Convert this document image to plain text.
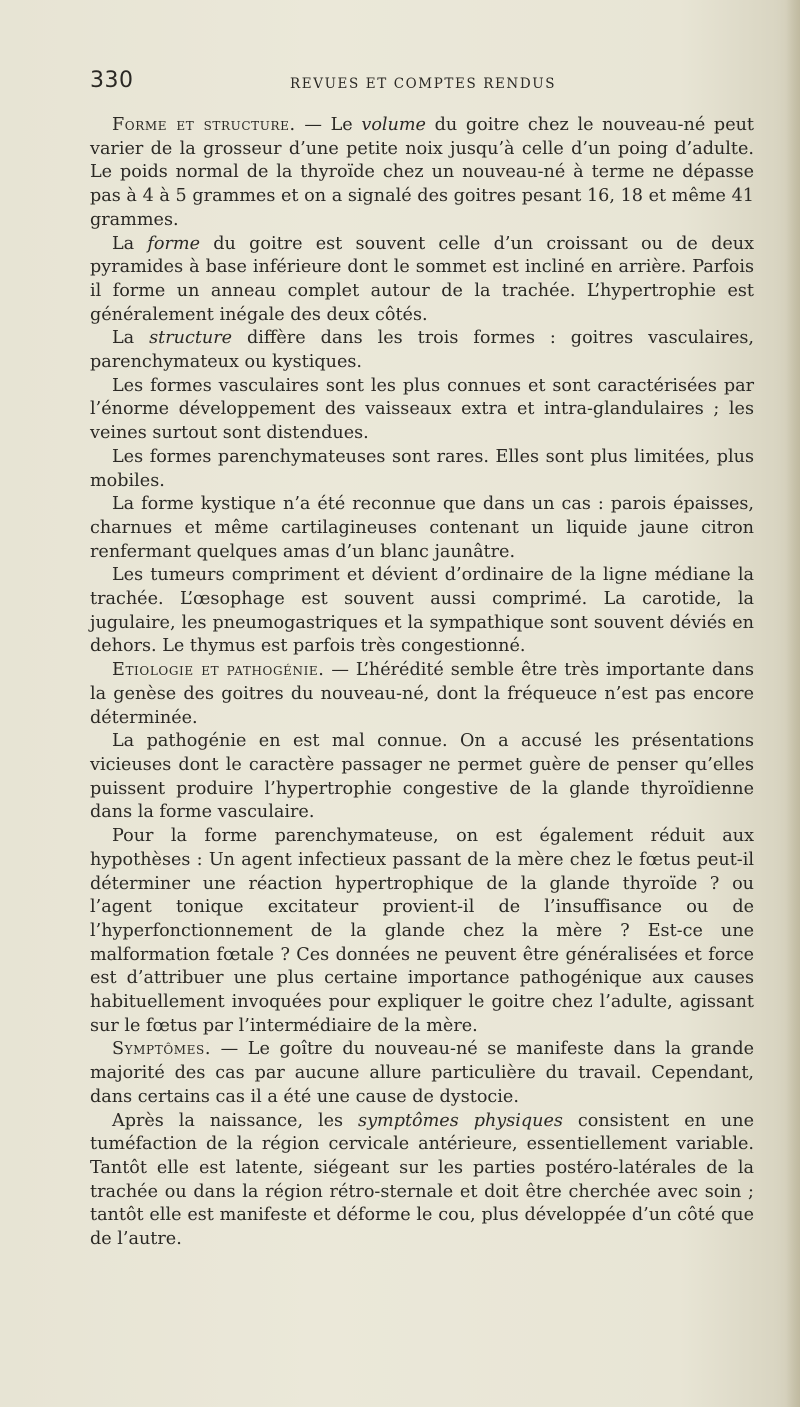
330	REVUES ET COMPTES RENDUS

Forme et structure. — Le volume du goitre chez le nouveau-né peut varier de la grosseur d’une petite noix jusqu’à celle d’un poing d’adulte. Le poids normal de la thyroïde chez un nouveau-né à terme ne dépasse pas à 4 à 5 grammes et on a signalé des goitres pesant 16, 18 et même 41 grammes.

La forme du goitre est souvent celle d’un croissant ou de deux pyramides à base inférieure dont le sommet est incliné en arrière. Parfois il forme un anneau complet autour de la trachée. L’hypertrophie est généralement inégale des deux côtés.

La structure diffère dans les trois formes : goitres vasculaires, parenchymateux ou kystiques.

Les formes vasculaires sont les plus connues et sont caractérisées par l’énorme développement des vaisseaux extra et intra-glandulaires ; les veines surtout sont distendues.

Les formes parenchymateuses sont rares. Elles sont plus limitées, plus mobiles.

La forme kystique n’a été reconnue que dans un cas : parois épaisses, charnues et même cartilagineuses contenant un liquide jaune citron renfermant quelques amas d’un blanc jaunâtre.

Les tumeurs compriment et dévient d’ordinaire de la ligne médiane la trachée. L’œsophage est souvent aussi comprimé. La carotide, la jugulaire, les pneumogastriques et la sympathique sont souvent déviés en dehors. Le thymus est parfois très congestionné.

Etiologie et pathogénie. — L’hérédité semble être très importante dans la genèse des goitres du nouveau-né, dont la fréqueuce n’est pas encore déterminée.

La pathogénie en est mal connue. On a accusé les présentations vicieuses dont le caractère passager ne permet guère de penser qu’elles puissent produire l’hypertrophie congestive de la glande thyroïdienne dans la forme vasculaire.

Pour la forme parenchymateuse, on est également réduit aux hypothèses : Un agent infectieux passant de la mère chez le fœtus peut-il déterminer une réaction hypertrophique de la glande thyroïde ? ou l’agent tonique excitateur provient-il de l’insuffisance ou de l’hyperfonctionnement de la glande chez la mère ? Est-ce une malformation fœtale ? Ces données ne peuvent être généralisées et force est d’attribuer une plus certaine importance pathogénique aux causes habituellement invoquées pour expliquer le goitre chez l’adulte, agissant sur le fœtus par l’intermédiaire de la mère.

Symptômes. — Le goître du nouveau-né se manifeste dans la grande majorité des cas par aucune allure particulière du travail. Cependant, dans certains cas il a été une cause de dystocie.

Après la naissance, les symptômes physiques consistent en une tuméfaction de la région cervicale antérieure, essentiellement variable. Tantôt elle est latente, siégeant sur les parties postéro-latérales de la trachée ou dans la région rétro-sternale et doit être cherchée avec soin ; tantôt elle est manifeste et déforme le cou, plus développée d’un côté que de l’autre.
